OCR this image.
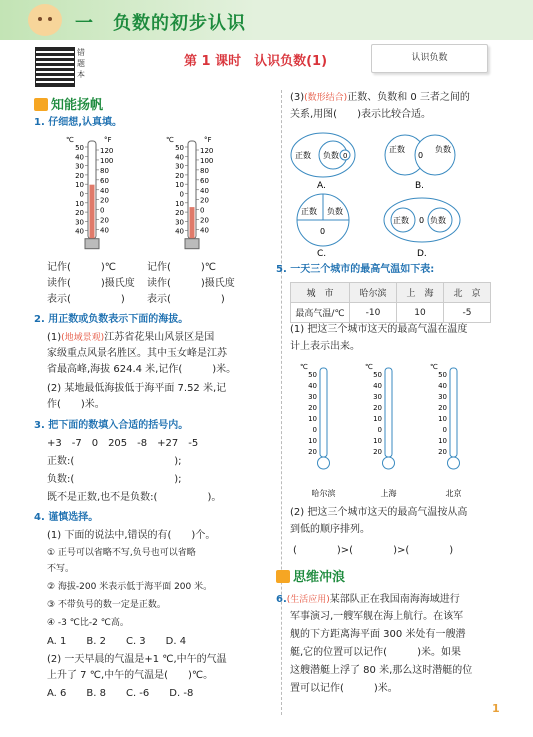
一　负数的初步认识
错题本
第 1 课时　认识负数(1)	认识负数
知能扬帆
1. 仔细想,认真填。
℃	°F
50
40
30
20
10
0
10
20
30
40
120
100
80
60
40
20
0
20
40
℃	°F
50
40
30
20
10
0
10
20
30
40
120
100
80
60
40
20
0
20
40
记作(　　　)℃
读作(　　　)摄氏度
表示(　　　　　)
记作(　　　)℃
读作(　　　)摄氏度
表示(　　　　　)
2. 用正数或负数表示下面的海拔。
(1)(地域景观)江苏省花果山风景区是国
家级重点风景名胜区。其中玉女峰是江苏
省最高峰,海拔 624.4 米,记作(　　　)米。
(2) 某地最低海拔低于海平面 7.52 米,记
作(　　)米。
3. 把下面的数填入合适的括号内。
+3　-7　0　205　-8　+27　-5
正数:(　　　　　　　　　　);
负数:(　　　　　　　　　　);
既不是正数,也不是负数:(　　　　　)。
4. 谨慎选择。
(1) 下面的说法中,错误的有(　　)个。
① 正号可以省略不写,负号也可以省略
不写。
② 海拔-200 米表示低于海平面 200 米。
③ 不带负号的数一定是正数。
④ -3 ℃比-2 ℃高。
A. 1　　B. 2　　C. 3　　D. 4
(2) 一天早晨的气温是+1 ℃,中午的气温
上升了 7 ℃,中午的气温是(　　)℃。
A. 6　　B. 8　　C. -6　　D. -8
(3)(数形结合)正数、负数和 0 三者之间的
关系,用图(　　)表示比较合适。
正数 负数 0
A.
正数
0
负数
B.
正数 负数
0
C.
正数 0 负数
D.
5. 一天三个城市的最高气温如下表:
城　市	哈尔滨	上　海	北　京
最高气温/℃	-10	10	-5
(1) 把这三个城市这天的最高气温在温度
计上表示出来。
℃
50
40
30
20
10
0
10
20
哈尔滨
℃
50
40
30
20
10
0
10
20
上海
℃
50
40
30
20
10
0
10
20
北京
(2) 把这三个城市这天的最高气温按从高
到低的顺序排列。
(　　　　)>(　　　　)>(　　　　)
思维冲浪
6.(生活应用)某部队正在我国南海海域进行
军事演习,一艘军舰在海上航行。在该军
舰的下方距离海平面 300 米处有一艘潜
艇,它的位置可以记作(　　　)米。如果
这艘潜艇上浮了 80 米,那么这时潜艇的位
置可以记作(　　　)米。
1
